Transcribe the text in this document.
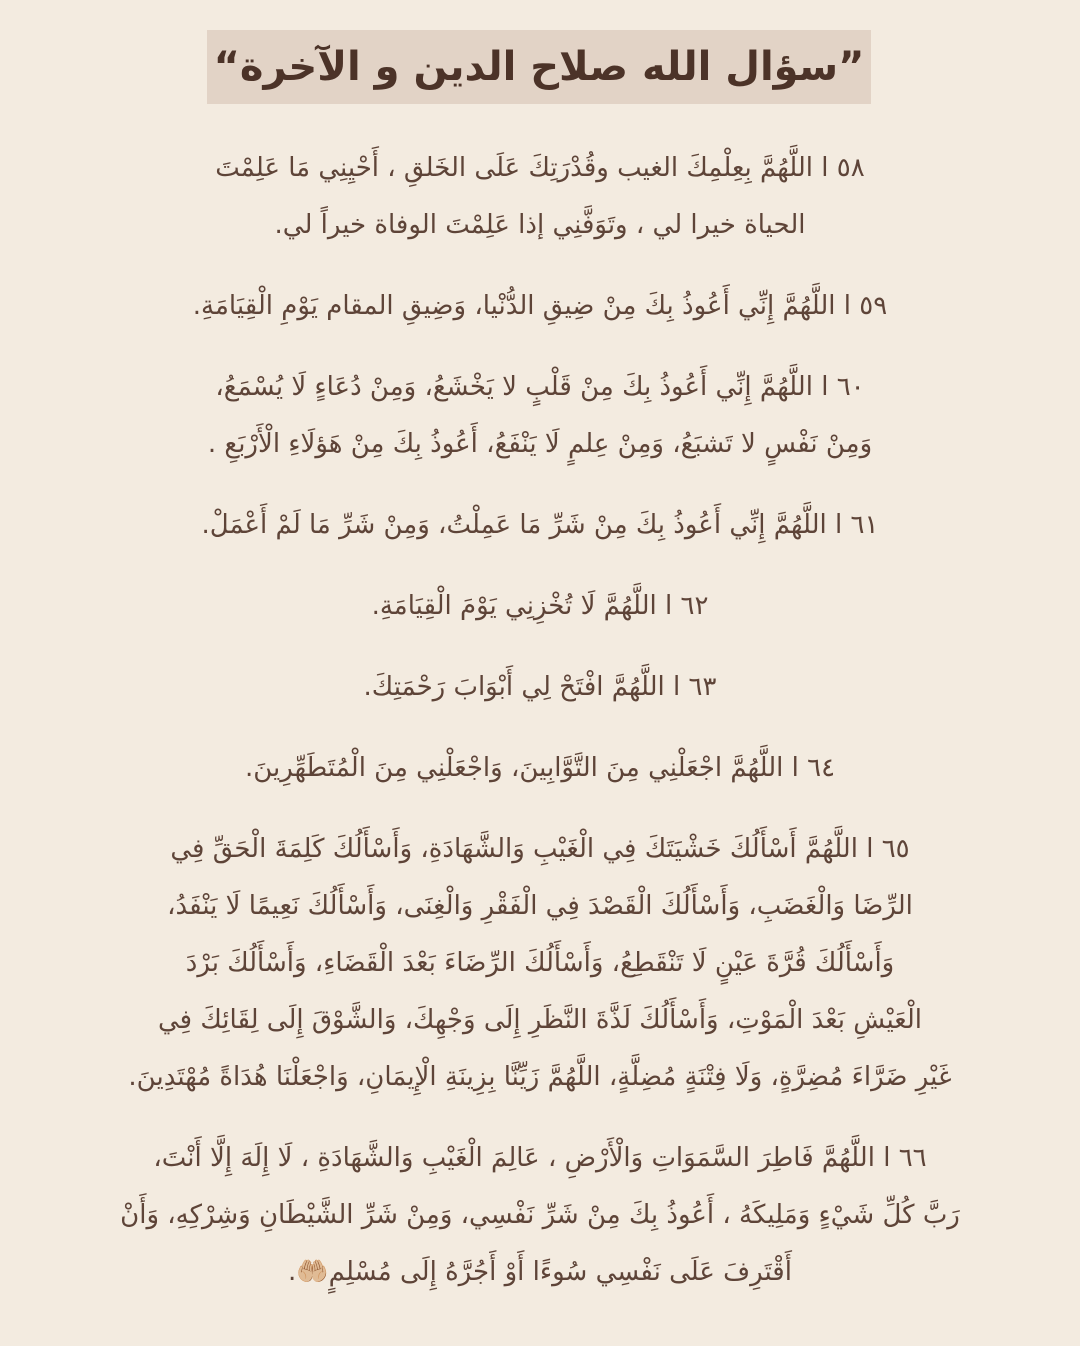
”سؤال الله صلاح الدين و الآخرة“

٥٨ ا اللَّهُمَّ بِعِلْمِكَ الغيب وقُدْرَتِكَ عَلَى الخَلقِ ، أَحْيِنِي مَا عَلِمْتَ
الحياة خيرا لي ، وتَوَفَّنِي إذا عَلِمْتَ الوفاة خيراً لي.

٥٩ ا اللَّهُمَّ إِنِّي أَعُوذُ بِكَ مِنْ ضِيقِ الدُّنْيا، وَضِيقِ المقام يَوْمِ الْقِيَامَةِ.

٦٠ ا اللَّهُمَّ إِنِّي أَعُوذُ بِكَ مِنْ قَلْبٍ لا يَخْشَعُ، وَمِنْ دُعَاءٍ لَا يُسْمَعُ،
وَمِنْ نَفْسٍ لا تَشبَعُ، وَمِنْ عِلمٍ لَا يَنْفَعُ، أَعُوذُ بِكَ مِنْ هَؤلَاءِ الْأَرْبَعِ .

٦١ ا اللَّهُمَّ إِنِّي أَعُوذُ بِكَ مِنْ شَرِّ مَا عَمِلْتُ، وَمِنْ شَرِّ مَا لَمْ أَعْمَلْ.

٦٢ ا اللَّهُمَّ لَا تُخْزِنِي يَوْمَ الْقِيَامَةِ.

٦٣ ا اللَّهُمَّ افْتَحْ لِي أَبْوَابَ رَحْمَتِكَ.

٦٤ ا اللَّهُمَّ اجْعَلْنِي مِنَ التَّوَّابِينَ، وَاجْعَلْنِي مِنَ الْمُتَطَهِّرِينَ.

٦٥ ا اللَّهُمَّ أَسْأَلُكَ خَشْيَتَكَ فِي الْغَيْبِ وَالشَّهَادَةِ، وَأَسْأَلُكَ كَلِمَةَ الْحَقِّ فِي
الرِّضَا وَالْغَضَبِ، وَأَسْأَلُكَ الْقَصْدَ فِي الْفَقْرِ وَالْغِنَى، وَأَسْأَلُكَ نَعِيمًا لَا يَنْفَدُ،
وَأَسْأَلُكَ قُرَّةَ عَيْنٍ لَا تَنْقَطِعُ، وَأَسْأَلُكَ الرِّضَاءَ بَعْدَ الْقَضَاءِ، وَأَسْأَلُكَ بَرْدَ
الْعَيْشِ بَعْدَ الْمَوْتِ، وَأَسْأَلُكَ لَذَّةَ النَّظَرِ إِلَى وَجْهِكَ، وَالشَّوْقَ إِلَى لِقَائِكَ فِي
غَيْرِ ضَرَّاءَ مُضِرَّةٍ، وَلَا فِتْنَةٍ مُضِلَّةٍ، اللَّهُمَّ زَيِّنَّا بِزِينَةِ الْإِيمَانِ، وَاجْعَلْنَا هُدَاةً مُهْتَدِينَ.

٦٦ ا اللَّهُمَّ فَاطِرَ السَّمَوَاتِ وَالْأَرْضِ ، عَالِمَ الْغَيْبِ وَالشَّهَادَةِ ، لَا إِلَهَ إِلَّا أَنْتَ،
رَبَّ كُلِّ شَيْءٍ وَمَلِيكَهُ ، أَعُوذُ بِكَ مِنْ شَرِّ نَفْسِي، وَمِنْ شَرِّ الشَّيْطَانِ وَشِرْكِهِ، وَأَنْ
أَقْتَرِفَ عَلَى نَفْسِي سُوءًا أَوْ أَجُرَّهُ إِلَى مُسْلِمٍ🤲🏼.
